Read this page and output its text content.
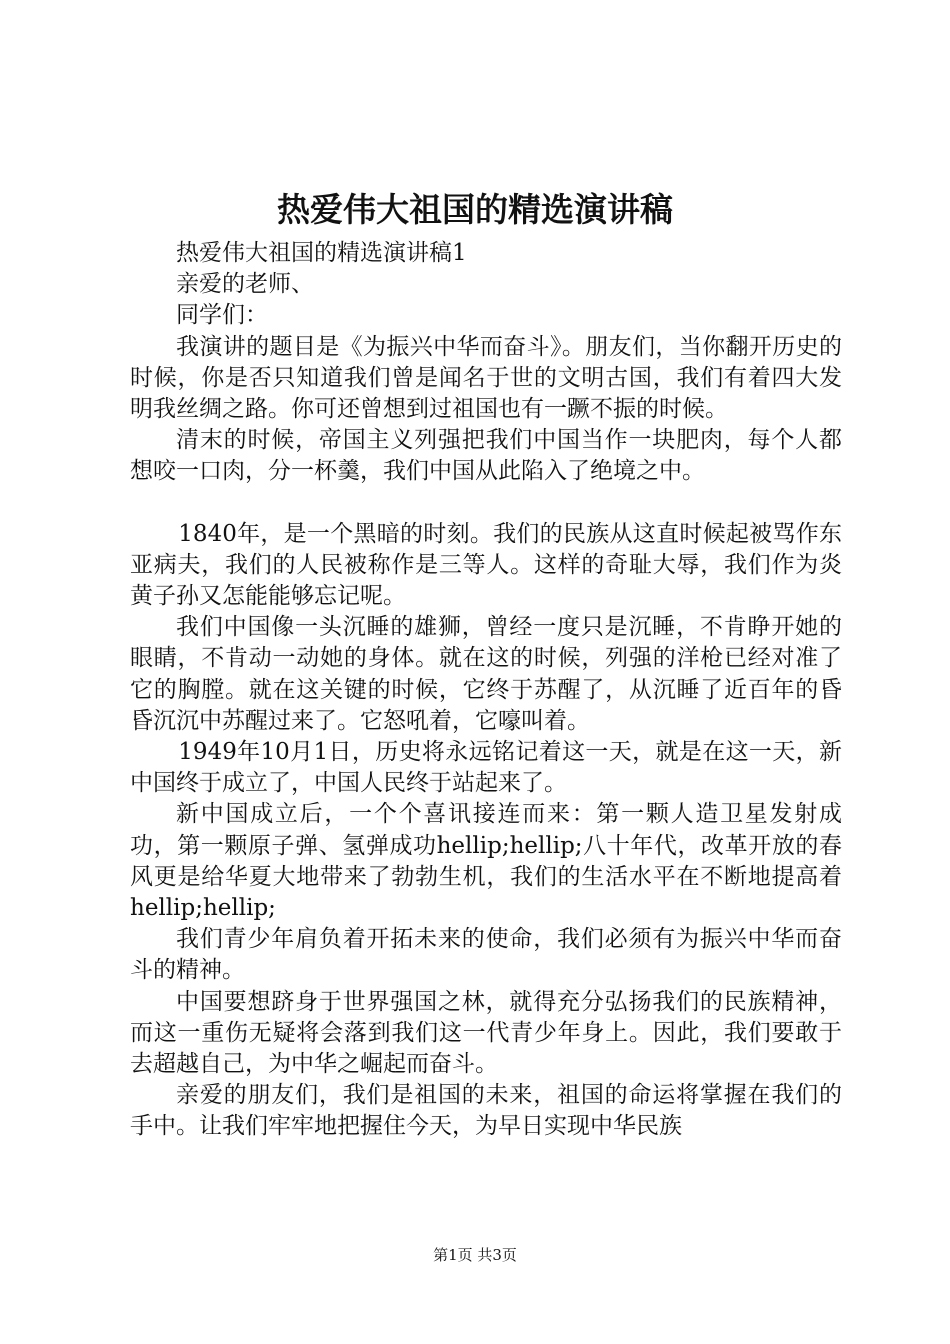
热爱伟大祖国的精选演讲稿

热爱伟大祖国的精选演讲稿1

亲爱的老师、

同学们：

我演讲的题目是《为振兴中华而奋斗》。朋友们，当你翻开历史的时候，你是否只知道我们曾是闻名于世的文明古国，我们有着四大发明我丝绸之路。你可还曾想到过祖国也有一蹶不振的时候。

清末的时候，帝国主义列强把我们中国当作一块肥肉，每个人都想咬一口肉，分一杯羹，我们中国从此陷入了绝境之中。

1840年，是一个黑暗的时刻。我们的民族从这直时候起被骂作东亚病夫，我们的人民被称作是三等人。这样的奇耻大辱，我们作为炎黄子孙又怎能能够忘记呢。

我们中国像一头沉睡的雄狮，曾经一度只是沉睡，不肯睁开她的眼睛，不肯动一动她的身体。就在这的时候，列强的洋枪已经对准了它的胸膛。就在这关键的时候，它终于苏醒了，从沉睡了近百年的昏昏沉沉中苏醒过来了。它怒吼着，它嚎叫着。

1949年10月1日，历史将永远铭记着这一天，就是在这一天，新中国终于成立了，中国人民终于站起来了。

新中国成立后，一个个喜讯接连而来：第一颗人造卫星发射成功，第一颗原子弹、氢弹成功hellip;hellip;八十年代，改革开放的春风更是给华夏大地带来了勃勃生机，我们的生活水平在不断地提高着hellip;hellip;

我们青少年肩负着开拓未来的使命，我们必须有为振兴中华而奋斗的精神。

中国要想跻身于世界强国之林，就得充分弘扬我们的民族精神，而这一重伤无疑将会落到我们这一代青少年身上。因此，我们要敢于去超越自己，为中华之崛起而奋斗。

亲爱的朋友们，我们是祖国的未来，祖国的命运将掌握在我们的手中。让我们牢牢地把握住今天，为早日实现中华民族

第1页 共3页
